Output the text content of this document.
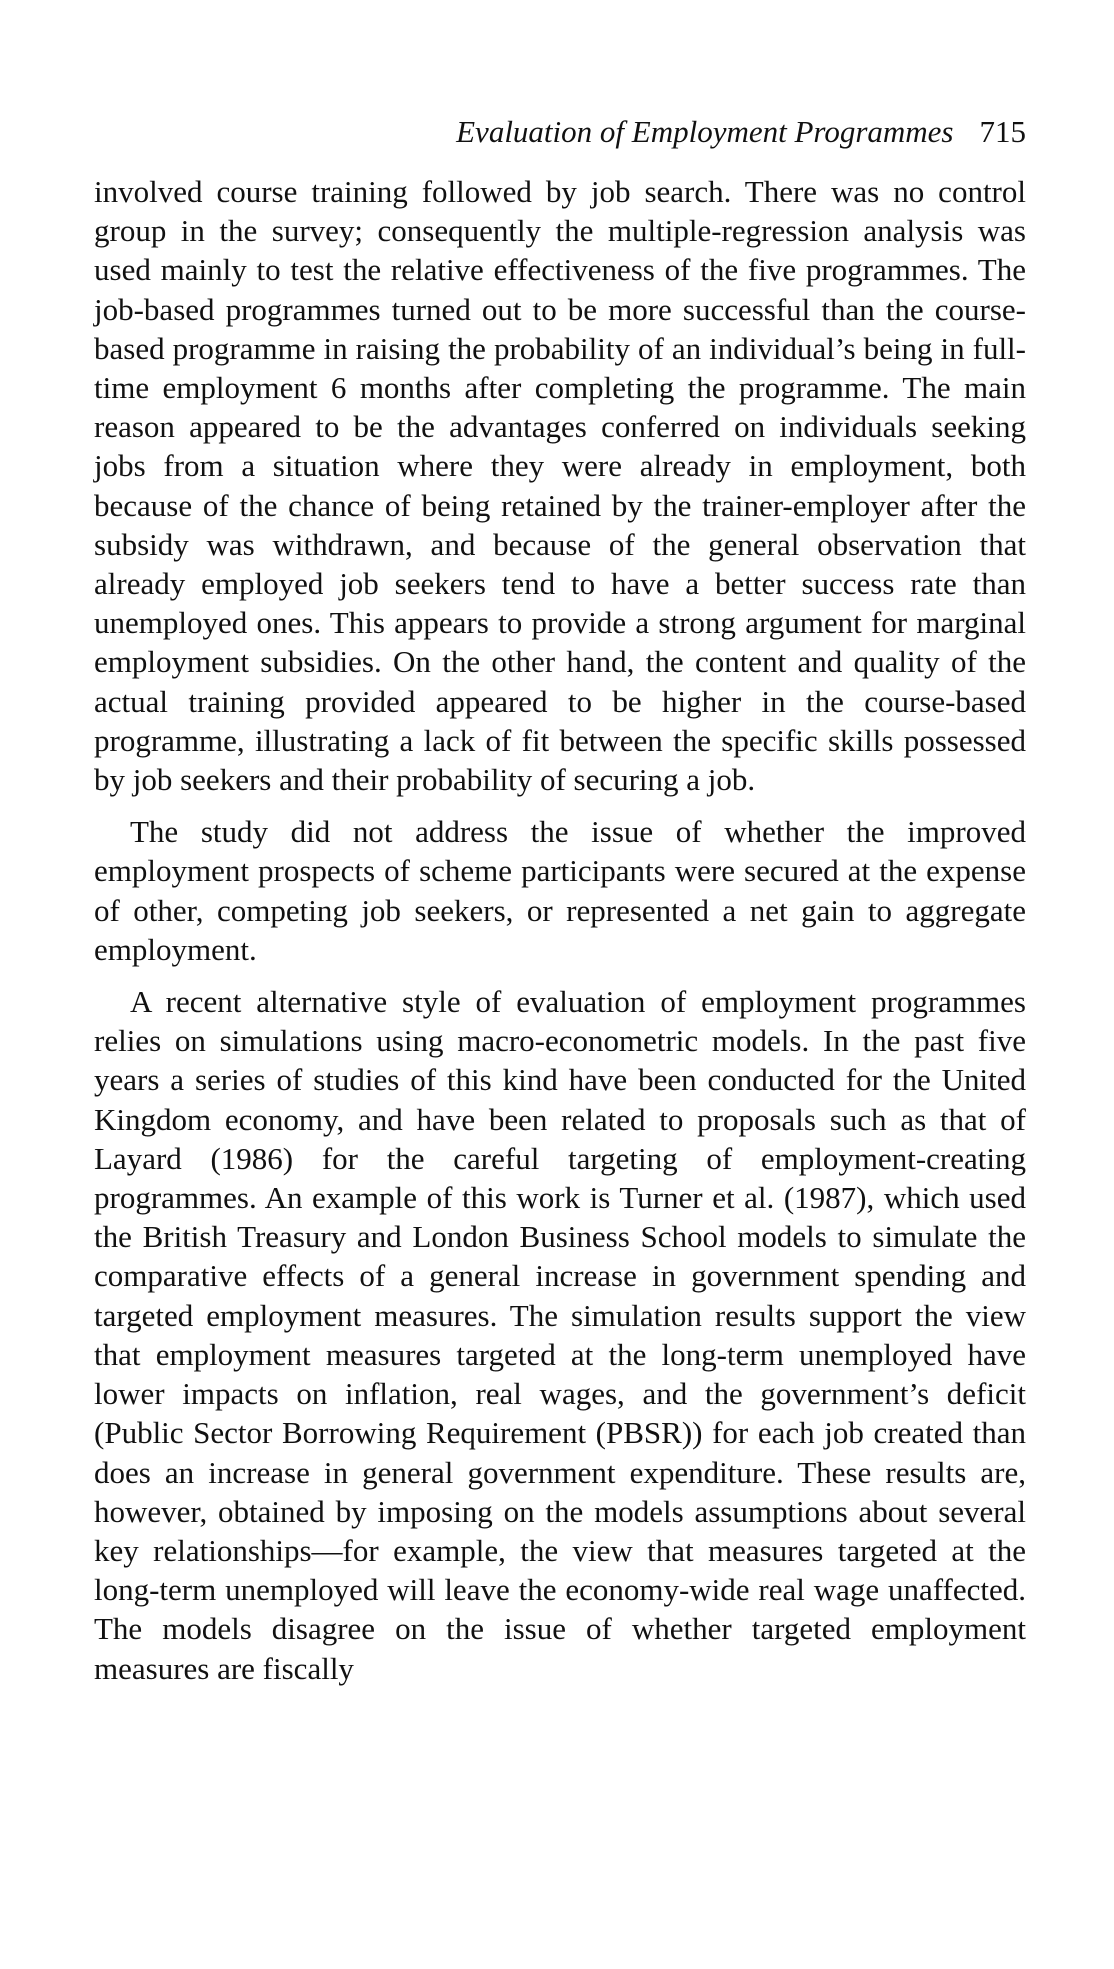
Evaluation of Employment Programmes 715

involved course training followed by job search. There was no control group in the survey; consequently the multiple-regression analysis was used mainly to test the relative effectiveness of the five programmes. The job-based programmes turned out to be more successful than the course-based programme in raising the probability of an individual’s being in full-time employment 6 months after completing the programme. The main reason appeared to be the advantages conferred on individuals seeking jobs from a situation where they were already in employment, both because of the chance of being retained by the trainer-employer after the subsidy was withdrawn, and because of the general observation that already employed job seekers tend to have a better success rate than unemployed ones. This appears to provide a strong argument for marginal employment subsidies. On the other hand, the content and quality of the actual training provided appeared to be higher in the course-based programme, illustrating a lack of fit between the specific skills possessed by job seekers and their probability of securing a job.

The study did not address the issue of whether the improved employment prospects of scheme participants were secured at the expense of other, competing job seekers, or represented a net gain to aggregate employment.

A recent alternative style of evaluation of employment programmes relies on simulations using macro-econometric models. In the past five years a series of studies of this kind have been conducted for the United Kingdom economy, and have been related to proposals such as that of Layard (1986) for the careful targeting of employment-creating programmes. An example of this work is Turner et al. (1987), which used the British Treasury and London Business School models to simulate the comparative effects of a general increase in government spending and targeted employment measures. The simulation results support the view that employment measures targeted at the long-term unemployed have lower impacts on inflation, real wages, and the government’s deficit (Public Sector Borrowing Requirement (PBSR)) for each job created than does an increase in general government expenditure. These results are, however, obtained by imposing on the models assumptions about several key relationships—for example, the view that measures targeted at the long-term unemployed will leave the economy-wide real wage unaffected. The models disagree on the issue of whether targeted employment measures are fiscally
